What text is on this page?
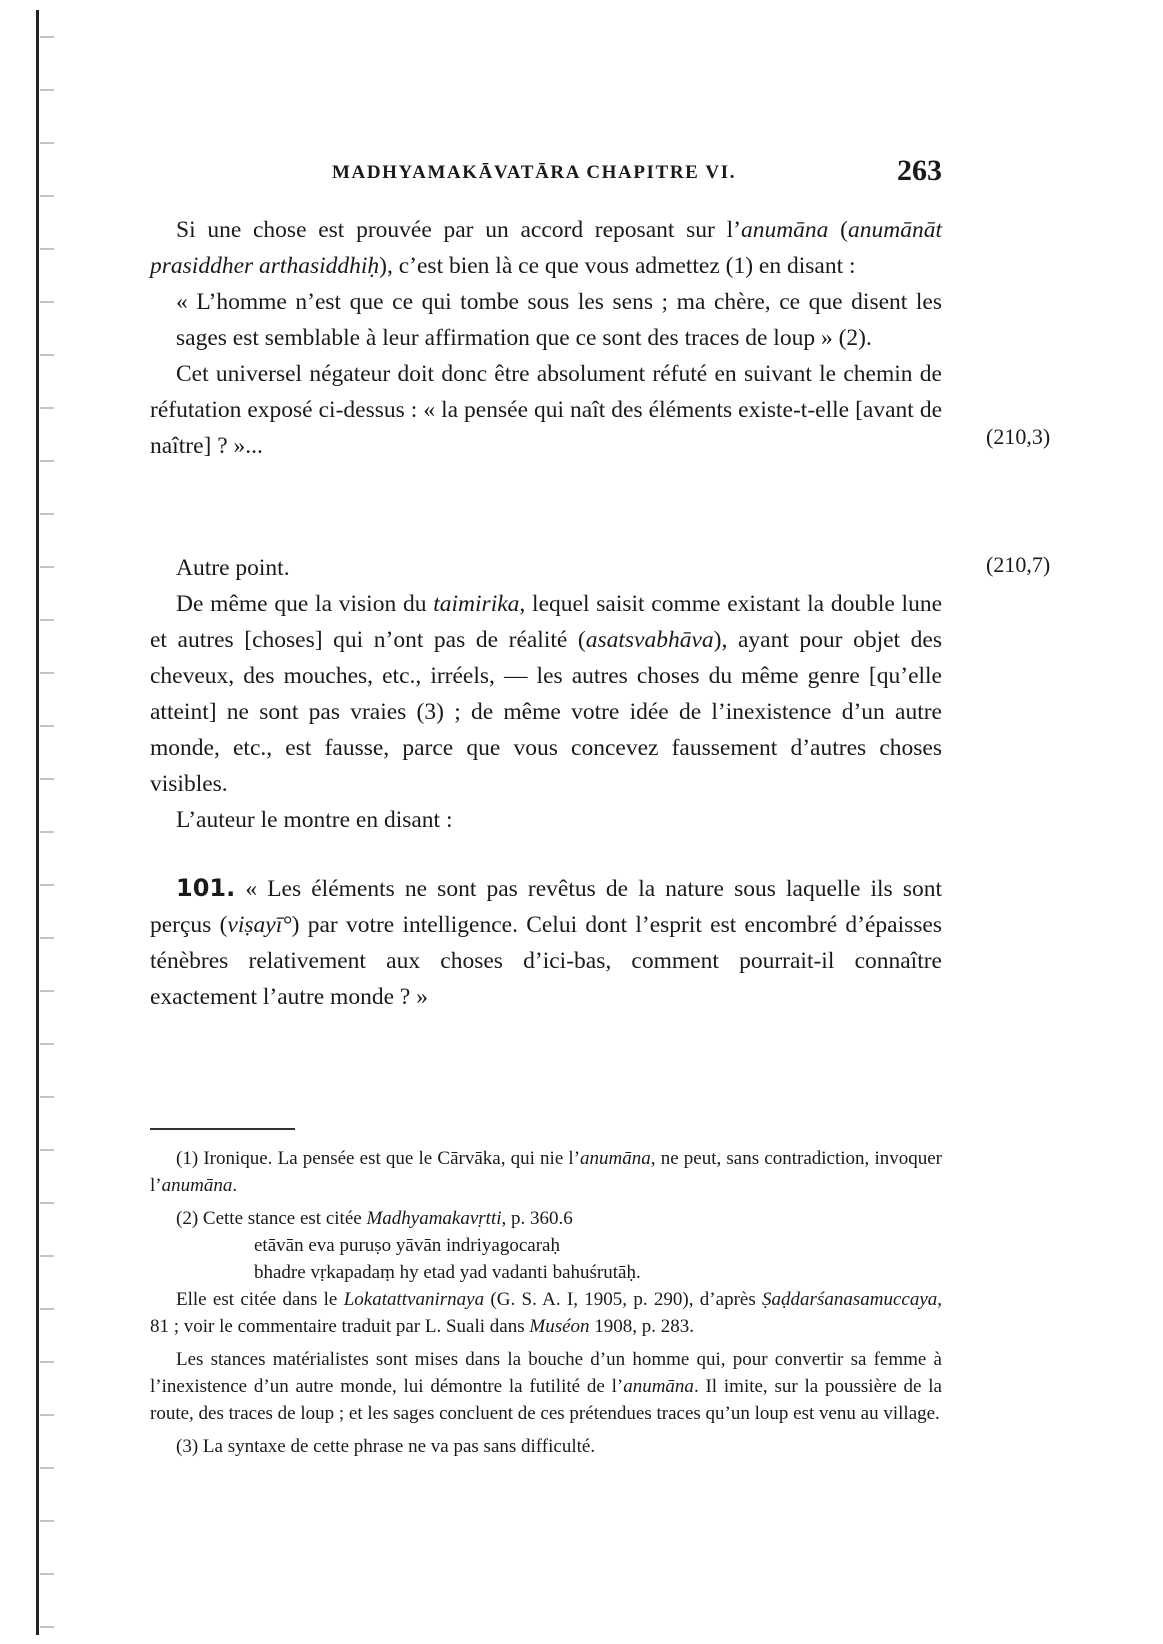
MADHYAMAKĀVATĀRA CHAPITRE VI.	263

Si une chose est prouvée par un accord reposant sur l’anumāna (anumānāt prasiddher arthasiddhiḥ), c’est bien là ce que vous admettez (1) en disant :

« L’homme n’est que ce qui tombe sous les sens ; ma chère, ce que disent les sages est semblable à leur affirmation que ce sont des traces de loup » (2).

Cet universel négateur doit donc être absolument réfuté en suivant le chemin de réfutation exposé ci-dessus : « la pensée qui naît des éléments existe-t-elle [avant de naître] ? »...

Autre point.

De même que la vision du taimirika, lequel saisit comme existant la double lune et autres [choses] qui n’ont pas de réalité (asatsvabhāva), ayant pour objet des cheveux, des mouches, etc., irréels, — les autres choses du même genre [qu’elle atteint] ne sont pas vraies (3) ; de même votre idée de l’inexistence d’un autre monde, etc., est fausse, parce que vous concevez faussement d’autres choses visibles.

L’auteur le montre en disant :

101. « Les éléments ne sont pas revêtus de la nature sous laquelle ils sont perçus (viṣayī°) par votre intelligence. Celui dont l’esprit est encombré d’épaisses ténèbres relativement aux choses d’ici-bas, comment pourrait-il connaître exactement l’autre monde ? »

(210,3)
(210,7)

(1) Ironique. La pensée est que le Cārvāka, qui nie l’anumāna, ne peut, sans contradiction, invoquer l’anumāna.

(2) Cette stance est citée Madhyamakavṛtti, p. 360.6

etāvān eva puruṣo yāvān indriyagocaraḥ

bhadre vṛkapadaṃ hy etad yad vadanti bahuśrutāḥ.

Elle est citée dans le Lokatattvanirnaya (G. S. A. I, 1905, p. 290), d’après Ṣaḍdarśanasamuccaya, 81 ; voir le commentaire traduit par L. Suali dans Muséon 1908, p. 283.

Les stances matérialistes sont mises dans la bouche d’un homme qui, pour convertir sa femme à l’inexistence d’un autre monde, lui démontre la futilité de l’anumāna. Il imite, sur la poussière de la route, des traces de loup ; et les sages concluent de ces prétendues traces qu’un loup est venu au village.

(3) La syntaxe de cette phrase ne va pas sans difficulté.
